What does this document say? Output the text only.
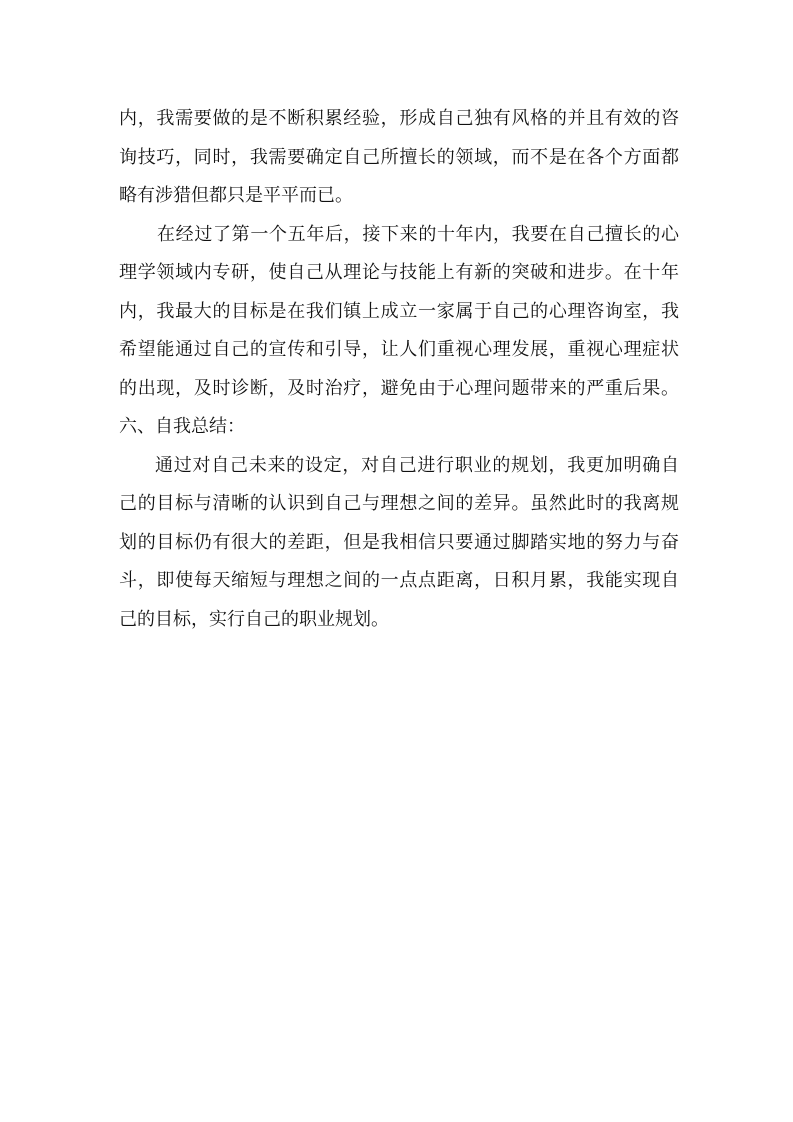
内，我需要做的是不断积累经验，形成自己独有风格的并且有效的咨
询技巧，同时，我需要确定自己所擅长的领域，而不是在各个方面都
略有涉猎但都只是平平而已。
在经过了第一个五年后，接下来的十年内，我要在自己擅长的心
理学领域内专研，使自己从理论与技能上有新的突破和进步。在十年
内，我最大的目标是在我们镇上成立一家属于自己的心理咨询室，我
希望能通过自己的宣传和引导，让人们重视心理发展，重视心理症状
的出现，及时诊断，及时治疗，避免由于心理问题带来的严重后果。
六、自我总结：
通过对自己未来的设定，对自己进行职业的规划，我更加明确自
己的目标与清晰的认识到自己与理想之间的差异。虽然此时的我离规
划的目标仍有很大的差距，但是我相信只要通过脚踏实地的努力与奋
斗，即使每天缩短与理想之间的一点点距离，日积月累，我能实现自
己的目标，实行自己的职业规划。
